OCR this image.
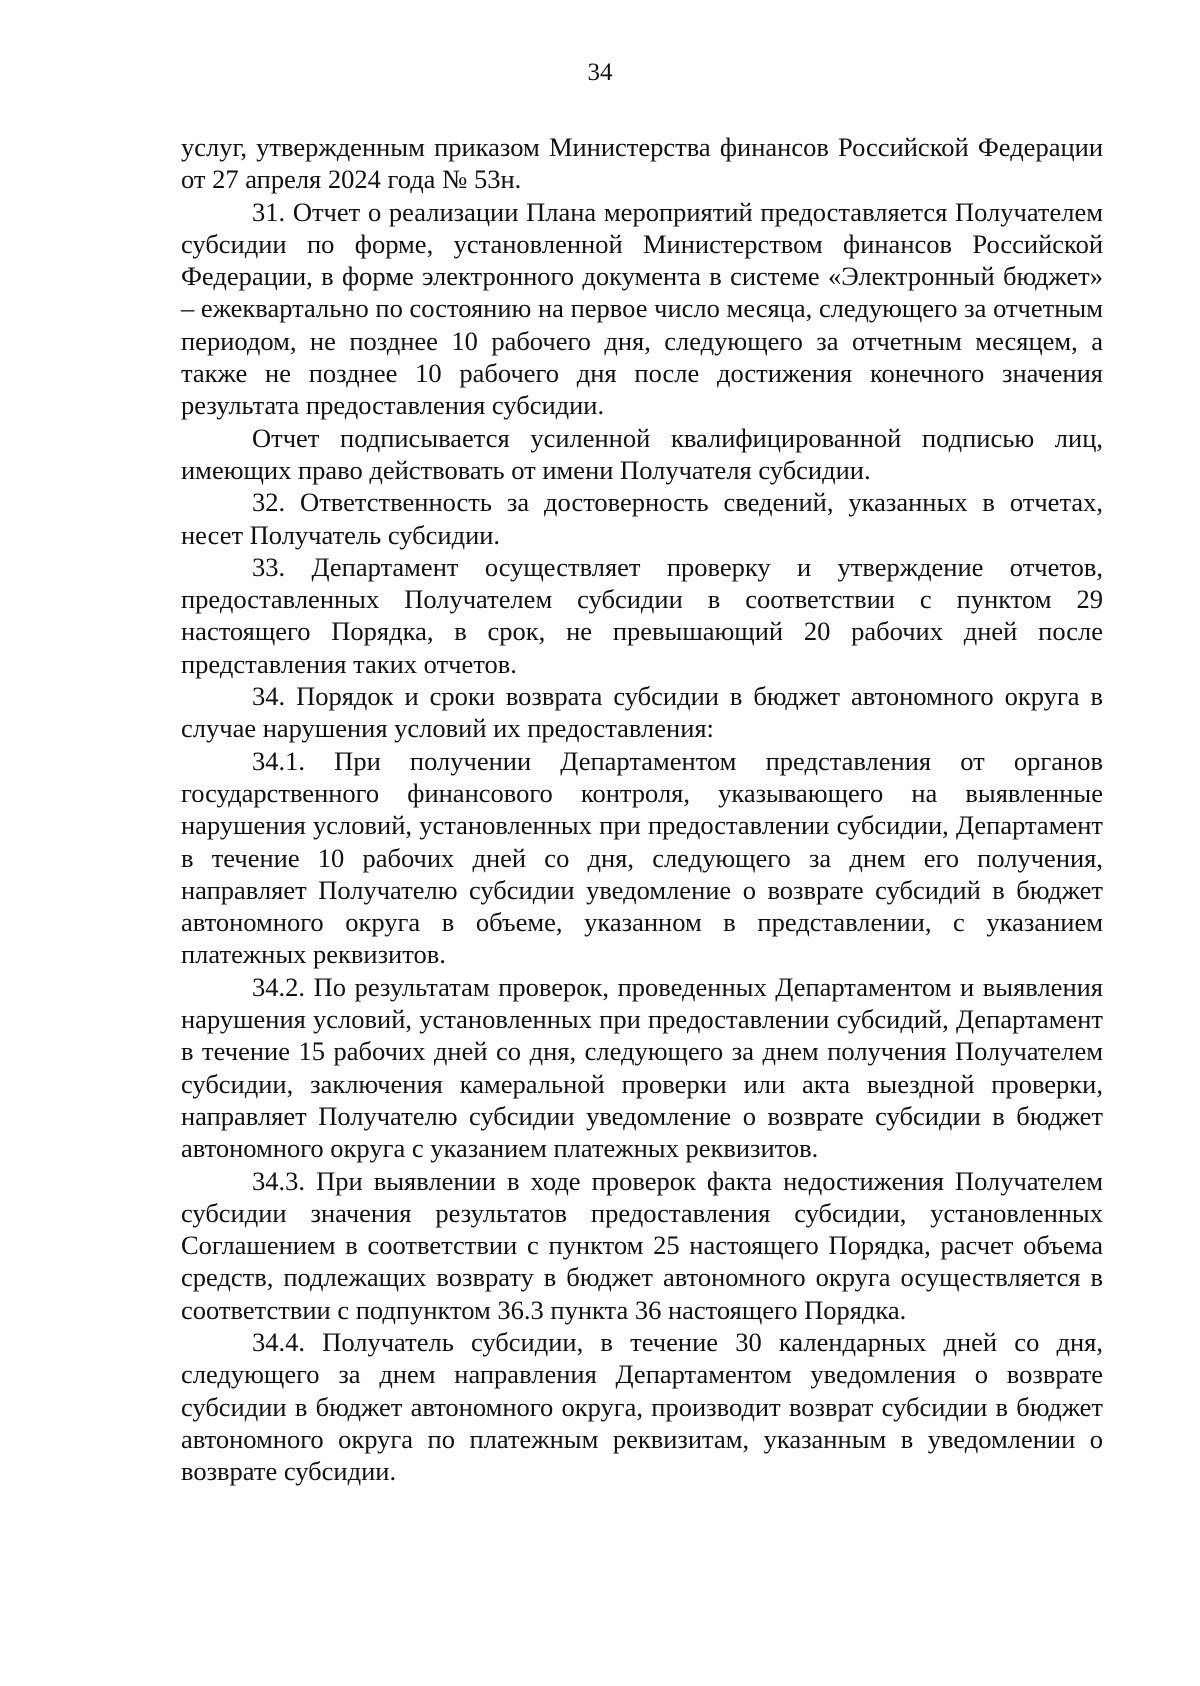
34

услуг, утвержденным приказом Министерства финансов Российской Федерации от 27 апреля 2024 года № 53н.

31. Отчет о реализации Плана мероприятий предоставляется Получателем субсидии по форме, установленной Министерством финансов Российской Федерации, в форме электронного документа в системе «Электронный бюджет» – ежеквартально по состоянию на первое число месяца, следующего за отчетным периодом, не позднее 10 рабочего дня, следующего за отчетным месяцем, а также не позднее 10 рабочего дня после достижения конечного значения результата предоставления субсидии.

Отчет подписывается усиленной квалифицированной подписью лиц, имеющих право действовать от имени Получателя субсидии.

32. Ответственность за достоверность сведений, указанных в отчетах, несет Получатель субсидии.

33. Департамент осуществляет проверку и утверждение отчетов, предоставленных Получателем субсидии в соответствии с пунктом 29 настоящего Порядка, в срок, не превышающий 20 рабочих дней после представления таких отчетов.

34. Порядок и сроки возврата субсидии в бюджет автономного округа в случае нарушения условий их предоставления:

34.1. При получении Департаментом представления от органов государственного финансового контроля, указывающего на выявленные нарушения условий, установленных при предоставлении субсидии, Департамент в течение 10 рабочих дней со дня, следующего за днем его получения, направляет Получателю субсидии уведомление о возврате субсидий в бюджет автономного округа в объеме, указанном в представлении, с указанием платежных реквизитов.

34.2. По результатам проверок, проведенных Департаментом и выявления нарушения условий, установленных при предоставлении субсидий, Департамент в течение 15 рабочих дней со дня, следующего за днем получения Получателем субсидии, заключения камеральной проверки или акта выездной проверки, направляет Получателю субсидии уведомление о возврате субсидии в бюджет автономного округа с указанием платежных реквизитов.

34.3. При выявлении в ходе проверок факта недостижения Получателем субсидии значения результатов предоставления субсидии, установленных Соглашением в соответствии с пунктом 25 настоящего Порядка, расчет объема средств, подлежащих возврату в бюджет автономного округа осуществляется в соответствии с подпунктом 36.3 пункта 36 настоящего Порядка.

34.4. Получатель субсидии, в течение 30 календарных дней со дня, следующего за днем направления Департаментом уведомления о возврате субсидии в бюджет автономного округа, производит возврат субсидии в бюджет автономного округа по платежным реквизитам, указанным в уведомлении о возврате субсидии.
